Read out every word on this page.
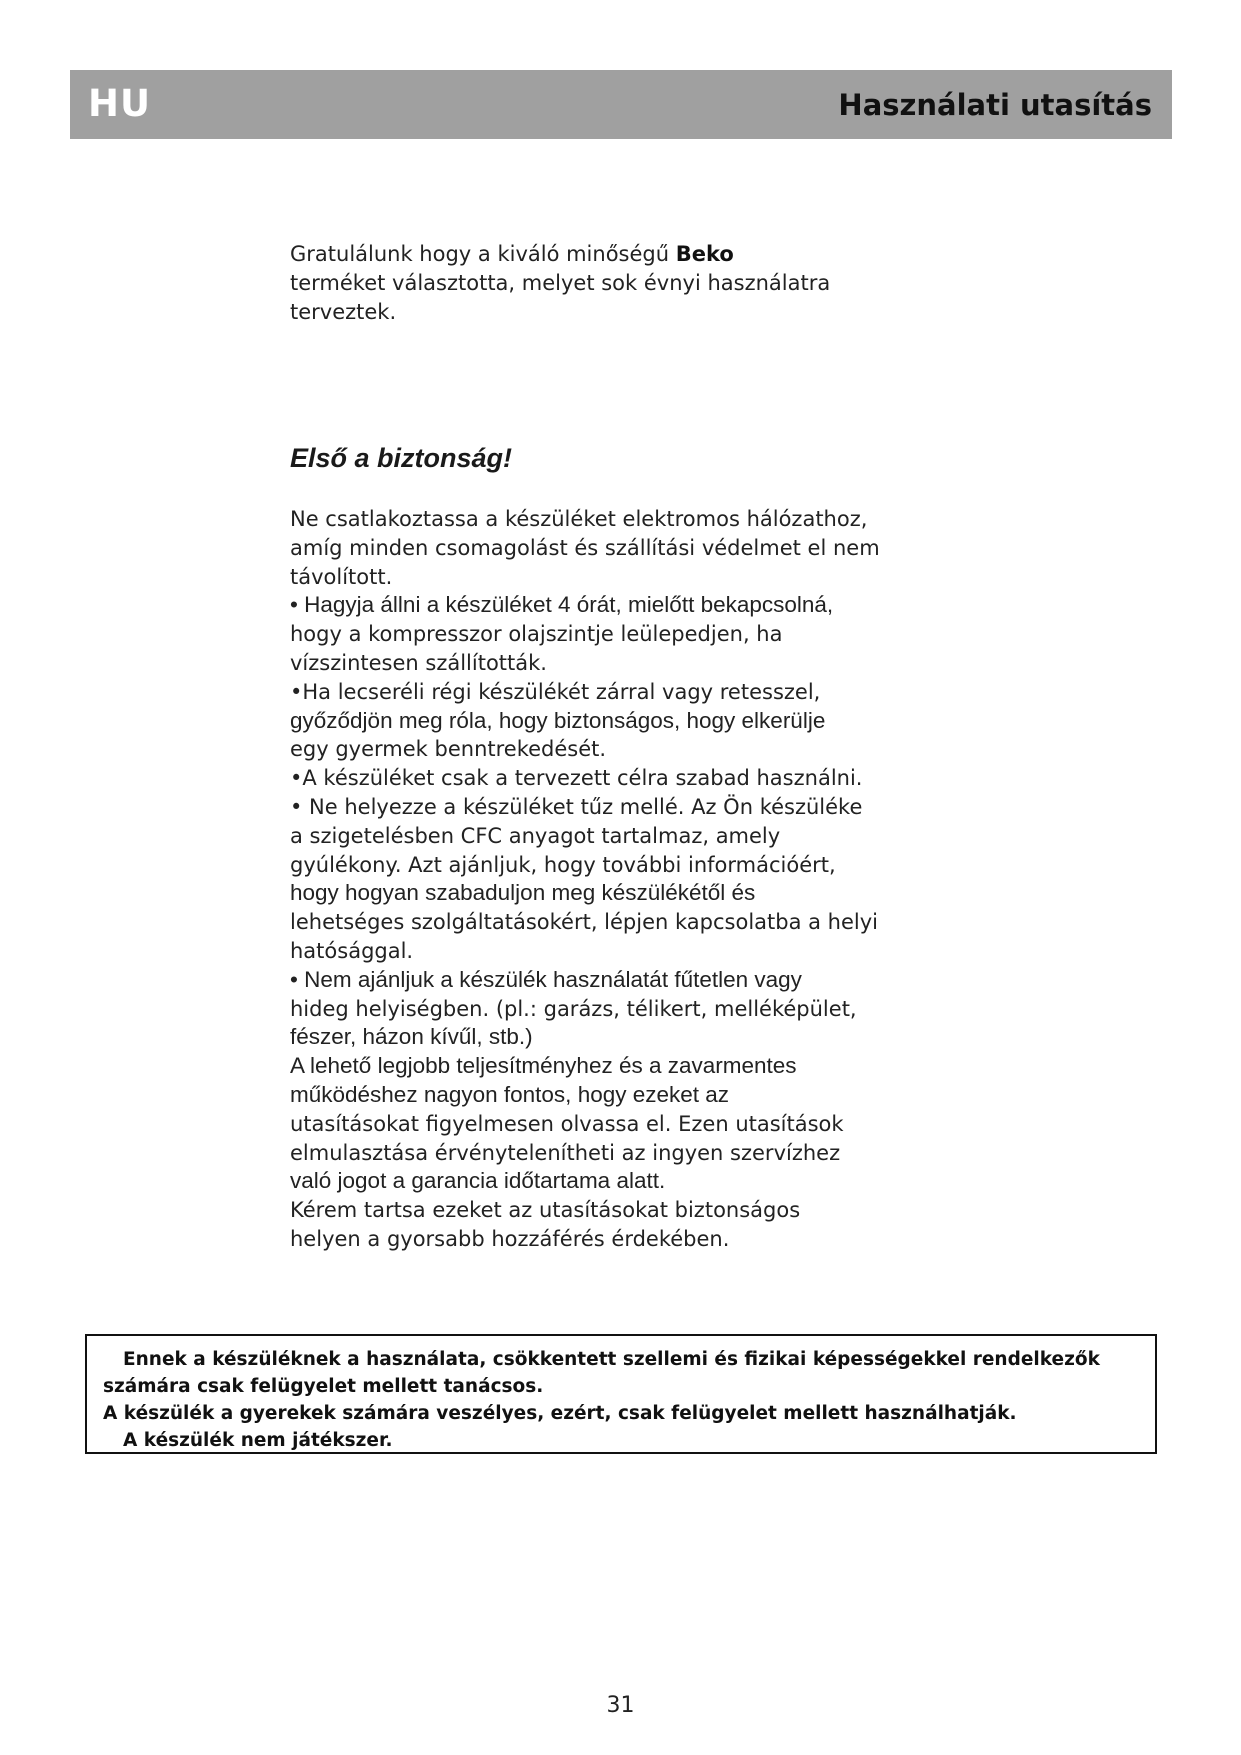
HU	Használati utasítás
Gratulálunk hogy a kiváló minőségű Beko
terméket választotta, melyet sok évnyi használatra
terveztek.
Első a biztonság!
Ne csatlakoztassa a készüléket elektromos hálózathoz,
amíg minden csomagolást és szállítási védelmet el nem
távolított.
• Hagyja állni a készüléket 4 órát, mielőtt bekapcsolná,
hogy a kompresszor olajszintje leülepedjen, ha
vízszintesen szállították.
•Ha lecseréli régi készülékét zárral vagy retesszel,
győződjön meg róla, hogy biztonságos, hogy elkerülje
egy gyermek benntrekedését.
•A készüléket csak a tervezett célra szabad használni.
• Ne helyezze a készüléket tűz mellé. Az Ön készüléke
a szigetelésben CFC anyagot tartalmaz, amely
gyúlékony. Azt ajánljuk, hogy további információért,
hogy hogyan szabaduljon meg készülékétől és
lehetséges szolgáltatásokért, lépjen kapcsolatba a helyi
hatósággal.
• Nem ajánljuk a készülék használatát fűtetlen vagy
hideg helyiségben. (pl.: garázs, télikert, melléképület,
fészer, házon kívűl, stb.)
A lehető legjobb teljesítményhez és a zavarmentes
működéshez nagyon fontos, hogy ezeket az
utasításokat figyelmesen olvassa el. Ezen utasítások
elmulasztása érvénytelenítheti az ingyen szervízhez
való jogot a garancia időtartama alatt.
Kérem tartsa ezeket az utasításokat biztonságos
helyen a gyorsabb hozzáférés érdekében.
Ennek a készüléknek a használata, csökkentett szellemi és fizikai képességekkel rendelkezők
számára csak felügyelet mellett tanácsos.
A készülék a gyerekek számára veszélyes, ezért, csak felügyelet mellett használhatják.
A készülék nem játékszer.
31
